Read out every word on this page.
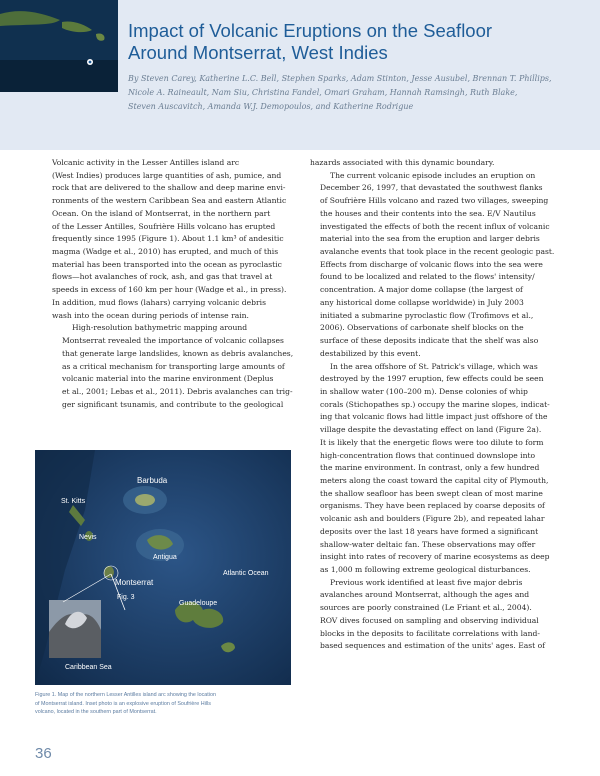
Impact of Volcanic Eruptions on the Seafloor
Around Montserrat, West Indies
By Steven Carey, Katherine L.C. Bell, Stephen Sparks, Adam Stinton, Jesse Ausubel, Brennan T. Phillips,
Nicole A. Raineault, Nam Siu, Christina Fandel, Omari Graham, Hannah Ramsingh, Ruth Blake,
Steven Auscavitch, Amanda W.J. Demopoulos, and Katherine Rodrigue

Volcanic activity in the Lesser Antilles island arc
(West Indies) produces large quantities of ash, pumice, and
rock that are delivered to the shallow and deep marine envi-
ronments of the western Caribbean Sea and eastern Atlantic
Ocean. On the island of Montserrat, in the northern part
of the Lesser Antilles, Soufrière Hills volcano has erupted
frequently since 1995 (Figure 1). About 1.1 km³ of andesitic
magma (Wadge et al., 2010) has erupted, and much of this
material has been transported into the ocean as pyroclastic
flows—hot avalanches of rock, ash, and gas that travel at
speeds in excess of 160 km per hour (Wadge et al., in press).
In addition, mud flows (lahars) carrying volcanic debris
wash into the ocean during periods of intense rain.

High-resolution bathymetric mapping around
Montserrat revealed the importance of volcanic collapses
that generate large landslides, known as debris avalanches,
as a critical mechanism for transporting large amounts of
volcanic material into the marine environment (Deplus
et al., 2001; Lebas et al., 2011). Debris avalanches can trig-
ger significant tsunamis, and contribute to the geological

hazards associated with this dynamic boundary.

The current volcanic episode includes an eruption on
December 26, 1997, that devastated the southwest flanks
of Soufrière Hills volcano and razed two villages, sweeping
the houses and their contents into the sea. E/V Nautilus
investigated the effects of both the recent influx of volcanic
material into the sea from the eruption and larger debris
avalanche events that took place in the recent geologic past.
Effects from discharge of volcanic flows into the sea were
found to be localized and related to the flows' intensity/
concentration. A major dome collapse (the largest of
any historical dome collapse worldwide) in July 2003
initiated a submarine pyroclastic flow (Trofimovs et al.,
2006). Observations of carbonate shelf blocks on the
surface of these deposits indicate that the shelf was also
destabilized by this event.

In the area offshore of St. Patrick's village, which was
destroyed by the 1997 eruption, few effects could be seen
in shallow water (100–200 m). Dense colonies of whip
corals (Stichopathes sp.) occupy the marine slopes, indicat-
ing that volcanic flows had little impact just offshore of the
village despite the devastating effect on land (Figure 2a).
It is likely that the energetic flows were too dilute to form
high-concentration flows that continued downslope into
the marine environment. In contrast, only a few hundred
meters along the coast toward the capital city of Plymouth,
the shallow seafloor has been swept clean of most marine
organisms. They have been replaced by coarse deposits of
volcanic ash and boulders (Figure 2b), and repeated lahar
deposits over the last 18 years have formed a significant
shallow-water deltaic fan. These observations may offer
insight into rates of recovery of marine ecosystems as deep
as 1,000 m following extreme geological disturbances.

Previous work identified at least five major debris
avalanches around Montserrat, although the ages and
sources are poorly constrained (Le Friant et al., 2004).
ROV dives focused on sampling and observing individual
blocks in the deposits to facilitate correlations with land-
based sequences and estimation of the units' ages. East of

Barbuda
St. Kitts
Nevis
Antigua
Montserrat
Fig. 3
Atlantic Ocean
Guadeloupe
Caribbean Sea
Figure 1. Map of the northern Lesser Antilles island arc showing the location
of Montserrat island. Inset photo is an explosive eruption of Soufrière Hills
volcano, located in the southern part of Montserrat.
36
